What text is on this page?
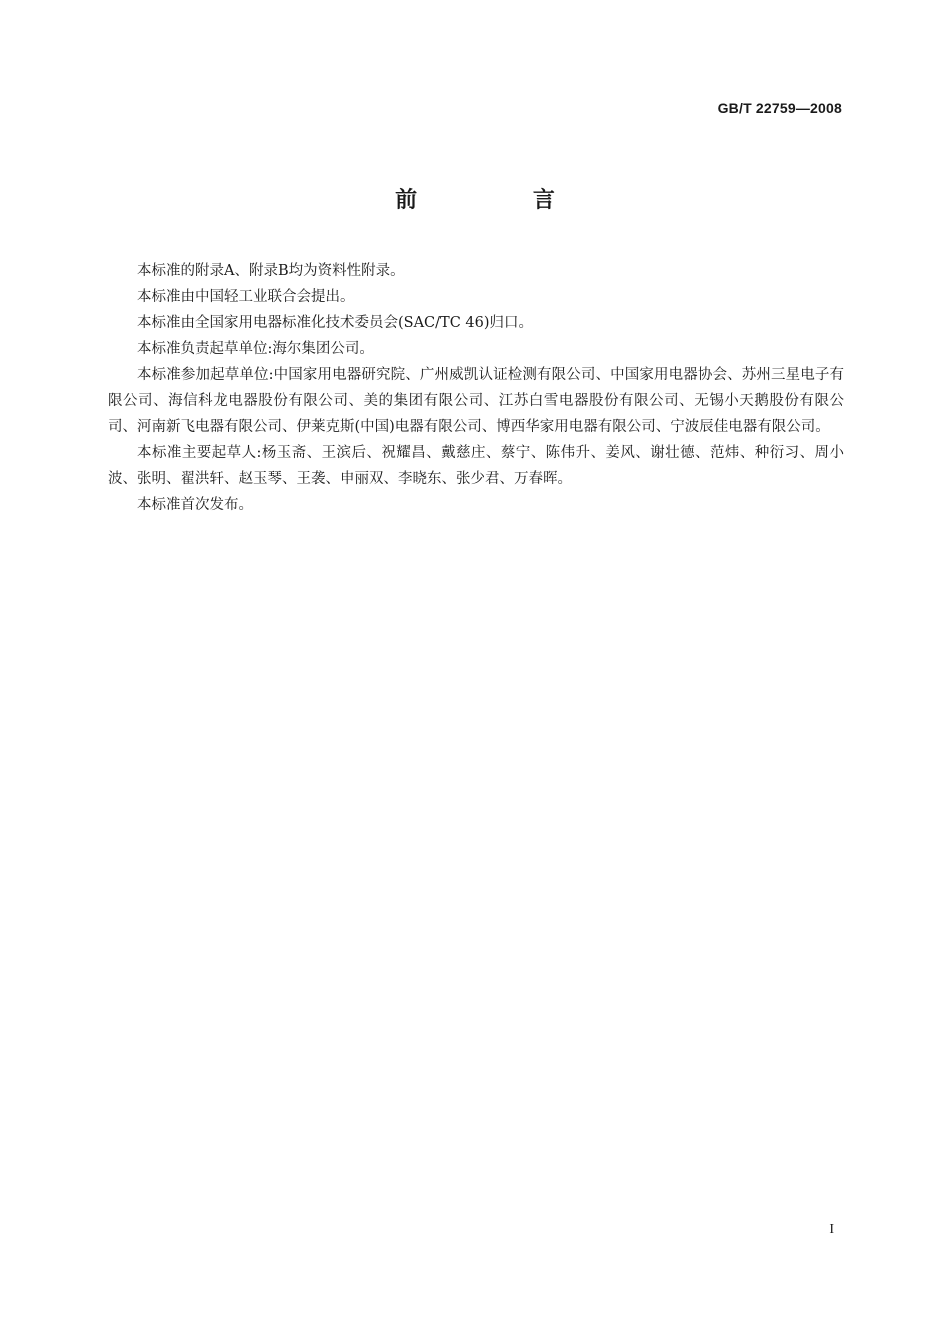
GB/T 22759—2008
前 言

本标准的附录A、附录B均为资料性附录。

本标准由中国轻工业联合会提出。

本标准由全国家用电器标准化技术委员会(SAC/TC 46)归口。

本标准负责起草单位:海尔集团公司。

本标准参加起草单位:中国家用电器研究院、广州威凯认证检测有限公司、中国家用电器协会、苏州三星电子有限公司、海信科龙电器股份有限公司、美的集团有限公司、江苏白雪电器股份有限公司、无锡小天鹅股份有限公司、河南新飞电器有限公司、伊莱克斯(中国)电器有限公司、博西华家用电器有限公司、宁波辰佳电器有限公司。

本标准主要起草人:杨玉斋、王滨后、祝耀昌、戴慈庄、蔡宁、陈伟升、姜风、谢壮德、范炜、种衍习、周小波、张明、翟洪轩、赵玉琴、王袭、申丽双、李晓东、张少君、万春晖。

本标准首次发布。

I
